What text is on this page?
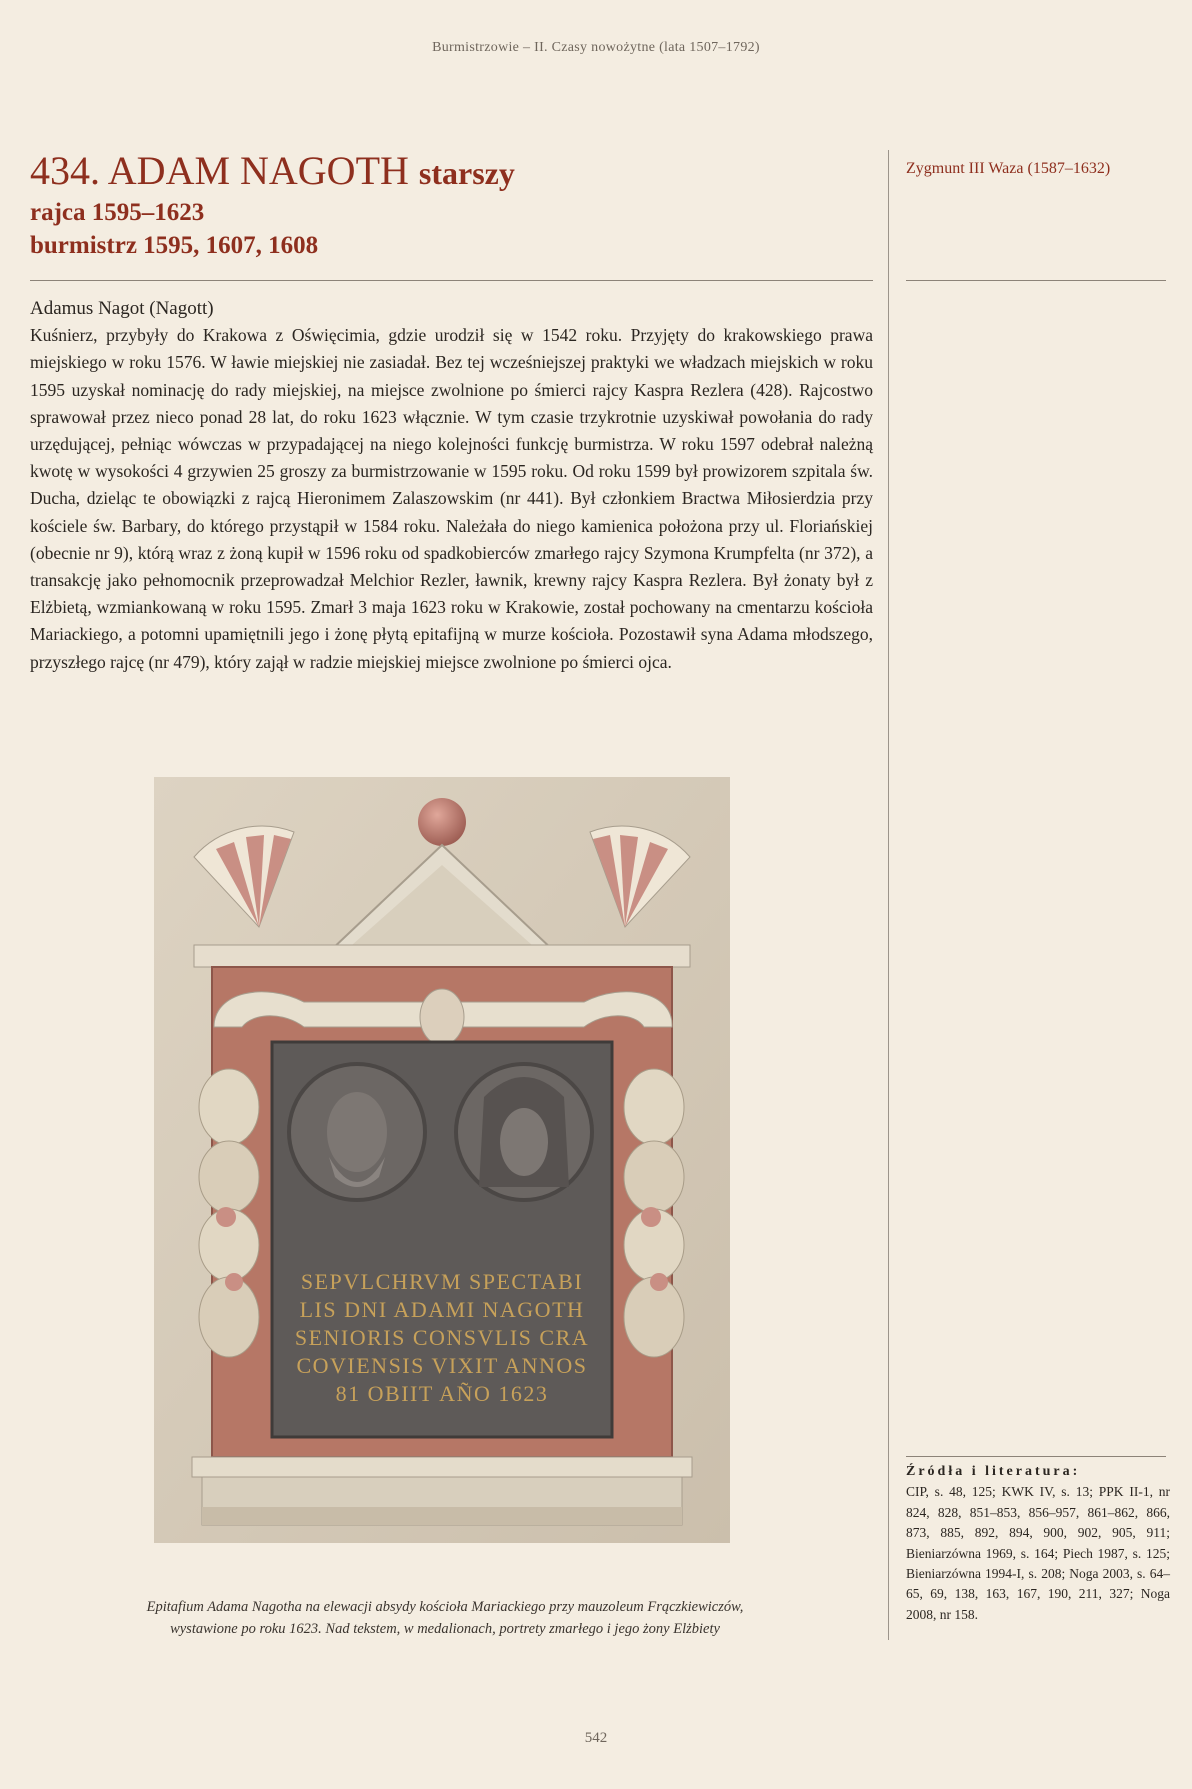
Burmistrzowie – II. Czasy nowożytne (lata 1507–1792)
434. ADAM NAGOTH starszy
rajca 1595–1623
burmistrz 1595, 1607, 1608
Zygmunt III Waza (1587–1632)
Adamus Nagot (Nagott)
Kuśnierz, przybyły do Krakowa z Oświęcimia, gdzie urodził się w 1542 roku. Przyjęty do krakowskiego prawa miejskiego w roku 1576. W ławie miejskiej nie zasiadał. Bez tej wcześniejszej praktyki we władzach miejskich w roku 1595 uzyskał nominację do rady miejskiej, na miejsce zwolnione po śmierci rajcy Kaspra Rezlera (428). Rajcostwo sprawował przez nieco ponad 28 lat, do roku 1623 włącznie. W tym czasie trzykrotnie uzyskiwał powołania do rady urzędującej, pełniąc wówczas w przypadającej na niego kolejności funkcję burmistrza. W roku 1597 odebrał należną kwotę w wysokości 4 grzywien 25 groszy za burmistrzowanie w 1595 roku. Od roku 1599 był prowizorem szpitala św. Ducha, dzieląc te obowiązki z rajcą Hieronimem Zalaszowskim (nr 441). Był członkiem Bractwa Miłosierdzia przy kościele św. Barbary, do którego przystąpił w 1584 roku. Należała do niego kamienica położona przy ul. Floriańskiej (obecnie nr 9), którą wraz z żoną kupił w 1596 roku od spadkobierców zmarłego rajcy Szymona Krumpfelta (nr 372), a transakcję jako pełnomocnik przeprowadzał Melchior Rezler, ławnik, krewny rajcy Kaspra Rezlera. Był żonaty był z Elżbietą, wzmiankowaną w roku 1595. Zmarł 3 maja 1623 roku w Krakowie, został pochowany na cmentarzu kościoła Mariackiego, a potomni upamiętnili jego i żonę płytą epitafijną w murze kościoła. Pozostawił syna Adama młodszego, przyszłego rajcę (nr 479), który zajął w radzie miejskiej miejsce zwolnione po śmierci ojca.
SEPVLCHRVM SPECTABI
LIS DNI ADAMI NAGOTH
SENIORIS CONSVLIS CRA
COVIENSIS VIXIT ANNOS
81 OBIIT AÑO 1623
Epitafium Adama Nagotha na elewacji absydy kościoła Mariackiego przy mauzoleum Frączkiewiczów,
wystawione po roku 1623. Nad tekstem, w medalionach, portrety zmarłego i jego żony Elżbiety
Źródła i literatura:
CIP, s. 48, 125; KWK IV, s. 13; PPK II-1, nr 824, 828, 851–853, 856–957, 861–862, 866, 873, 885, 892, 894, 900, 902, 905, 911; Bieniarzówna 1969, s. 164; Piech 1987, s. 125; Bieniarzówna 1994-I, s. 208; Noga 2003, s. 64–65, 69, 138, 163, 167, 190, 211, 327; Noga 2008, nr 158.
542
